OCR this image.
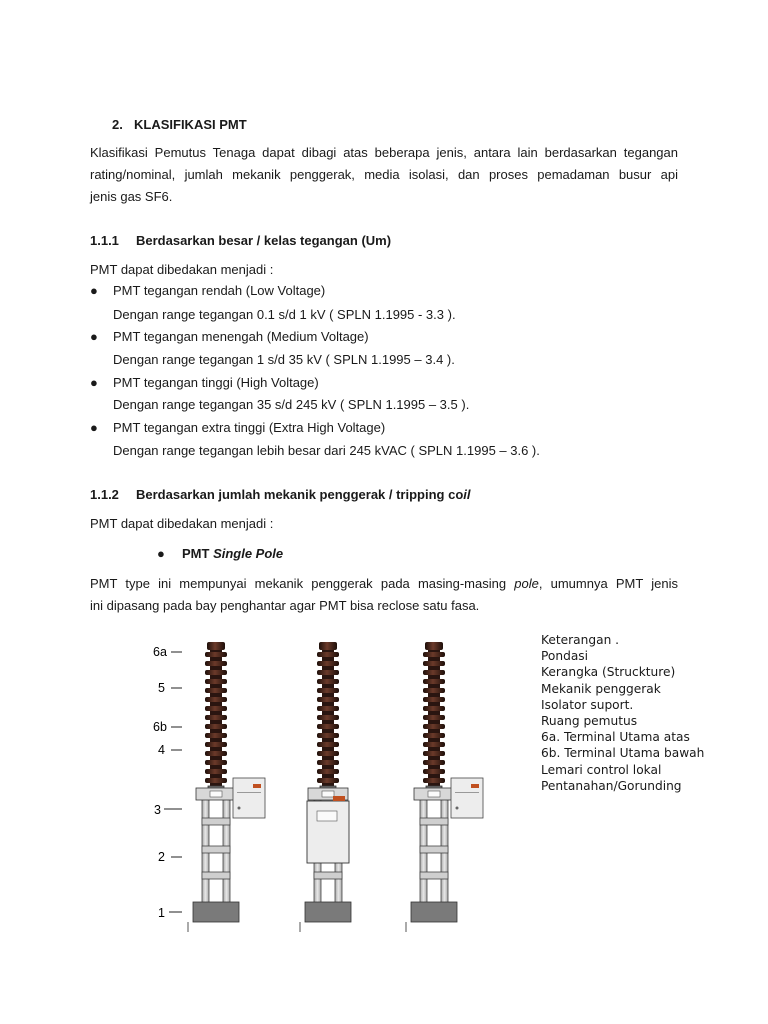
2. KLASIFIKASI PMT
Klasifikasi Pemutus Tenaga dapat dibagi atas beberapa jenis, antara lain berdasarkan tegangan
rating/nominal, jumlah mekanik penggerak, media isolasi, dan proses pemadaman busur api
jenis gas SF6.
1.1.1 Berdasarkan besar / kelas tegangan (Um)
PMT dapat dibedakan menjadi :
● PMT tegangan rendah (Low Voltage)
Dengan range tegangan 0.1 s/d 1 kV ( SPLN 1.1995 - 3.3 ).
● PMT tegangan menengah (Medium Voltage)
Dengan range tegangan 1 s/d 35 kV ( SPLN 1.1995 – 3.4 ).
● PMT tegangan tinggi (High Voltage)
Dengan range tegangan 35 s/d 245 kV ( SPLN 1.1995 – 3.5 ).
● PMT tegangan extra tinggi (Extra High Voltage)
Dengan range tegangan lebih besar dari 245 kVAC ( SPLN 1.1995 – 3.6 ).
1.1.2 Berdasarkan jumlah mekanik penggerak / tripping coil
PMT dapat dibedakan menjadi :
● PMT Single Pole
PMT type ini mempunyai mekanik penggerak pada masing-masing pole, umumnya PMT jenis
ini dipasang pada bay penghantar agar PMT bisa reclose satu fasa.
6a
5
6b
4
3
2
1
Keterangan .
Pondasi
Kerangka (Struckture)
Mekanik penggerak
Isolator suport.
Ruang pemutus
6a. Terminal Utama atas
6b. Terminal Utama bawah
Lemari control lokal
Pentanahan/Gorunding
